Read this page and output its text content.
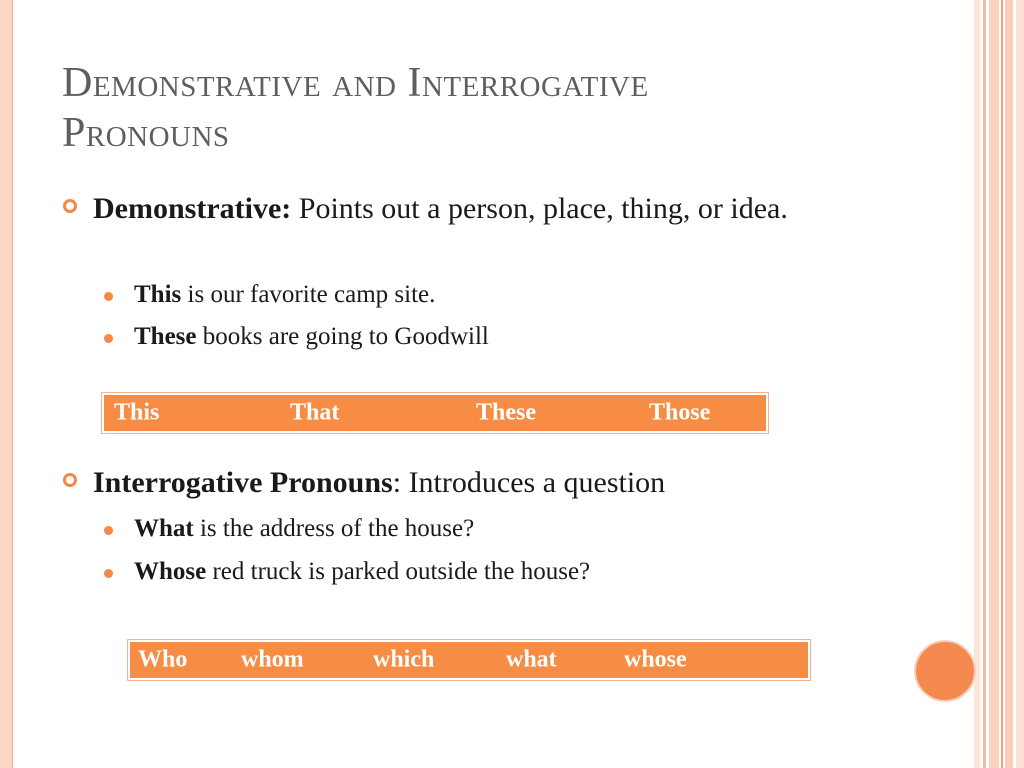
Demonstrative and Interrogative Pronouns
Demonstrative: Points out a person, place, thing, or idea.
This is our favorite camp site.
These books are going to Goodwill
This	That	These	Those
Interrogative Pronouns: Introduces a question
What is the address of the house?
Whose red truck is parked outside the house?
Who whom	which	what	whose
